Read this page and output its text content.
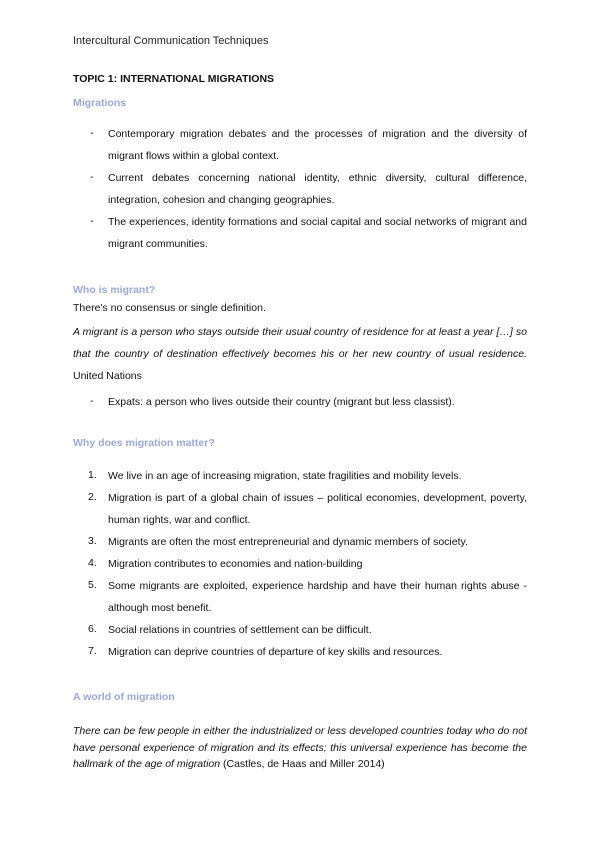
Intercultural Communication Techniques
TOPIC 1: INTERNATIONAL MIGRATIONS
Migrations
- Contemporary migration debates and the processes of migration and the diversity of migrant flows within a global context.
- Current debates concerning national identity, ethnic diversity, cultural difference, integration, cohesion and changing geographies.
- The experiences, identity formations and social capital and social networks of migrant and migrant communities.
Who is migrant?
There's no consensus or single definition.
A migrant is a person who stays outside their usual country of residence for at least a year […] so that the country of destination effectively becomes his or her new country of usual residence. United Nations
- Expats: a person who lives outside their country (migrant but less classist).
Why does migration matter?
1. We live in an age of increasing migration, state fragilities and mobility levels.
2. Migration is part of a global chain of issues – political economies, development, poverty, human rights, war and conflict.
3. Migrants are often the most entrepreneurial and dynamic members of society.
4. Migration contributes to economies and nation-building
5. Some migrants are exploited, experience hardship and have their human rights abuse - although most benefit.
6. Social relations in countries of settlement can be difficult.
7. Migration can deprive countries of departure of key skills and resources.
A world of migration
There can be few people in either the industrialized or less developed countries today who do not have personal experience of migration and its effects; this universal experience has become the hallmark of the age of migration (Castles, de Haas and Miller 2014)
